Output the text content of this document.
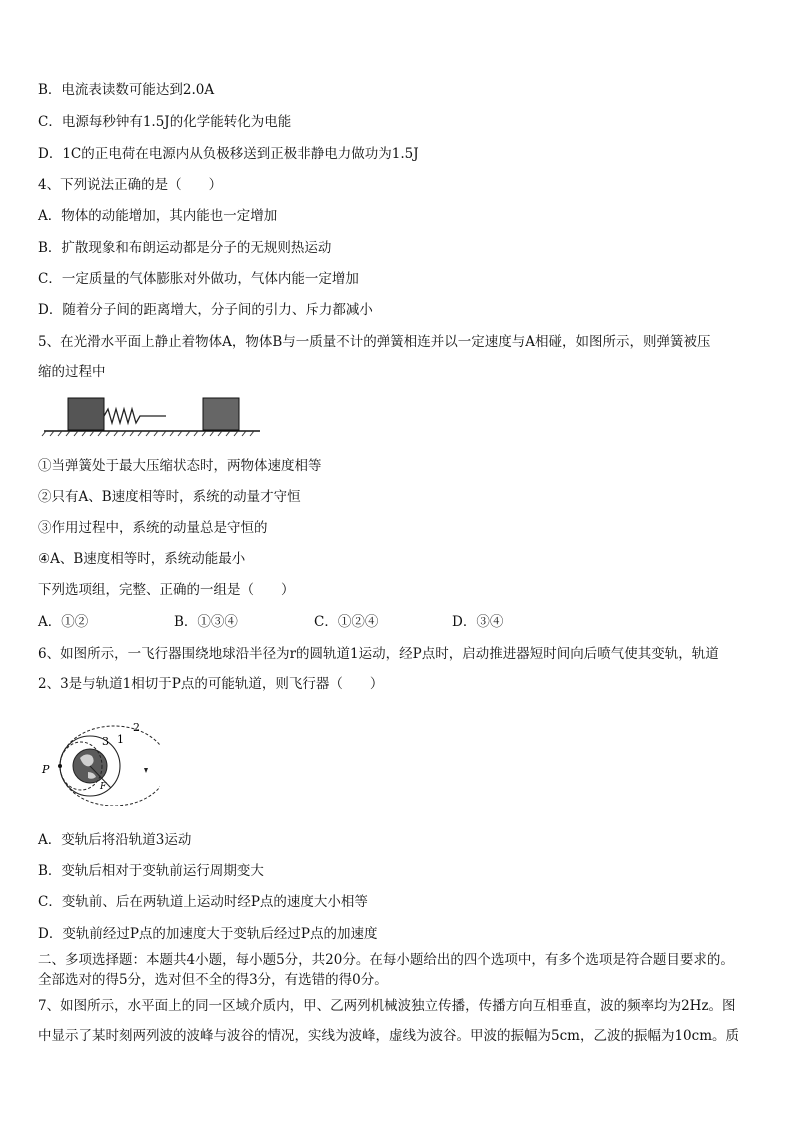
B．电流表读数可能达到2.0A
C．电源每秒钟有1.5J的化学能转化为电能
D．1C的正电荷在电源内从负极移送到正极非静电力做功为1.5J
4、下列说法正确的是（　　）
A．物体的动能增加，其内能也一定增加
B．扩散现象和布朗运动都是分子的无规则热运动
C．一定质量的气体膨胀对外做功，气体内能一定增加
D．随着分子间的距离增大，分子间的引力、斥力都减小
5、在光滑水平面上静止着物体A，物体B与一质量不计的弹簧相连并以一定速度与A相碰，如图所示，则弹簧被压
缩的过程中
①当弹簧处于最大压缩状态时，两物体速度相等
②只有A、B速度相等时，系统的动量才守恒
③作用过程中，系统的动量总是守恒的
④A、B速度相等时，系统动能最小
下列选项组，完整、正确的一组是（　　）
A．①②	B．①③④	C．①②④	D．③④
6、如图所示，一飞行器围绕地球沿半径为r的圆轨道1运动，经P点时，启动推进器短时间向后喷气使其变轨，轨道
2、3是与轨道1相切于P点的可能轨道，则飞行器（　　）
1
2
3
P
F
A．变轨后将沿轨道3运动
B．变轨后相对于变轨前运行周期变大
C．变轨前、后在两轨道上运动时经P点的速度大小相等
D．变轨前经过P点的加速度大于变轨后经过P点的加速度
二、多项选择题：本题共4小题，每小题5分，共20分。在每小题给出的四个选项中，有多个选项是符合题目要求的。
全部选对的得5分，选对但不全的得3分，有选错的得0分。
7、如图所示，水平面上的同一区域介质内，甲、乙两列机械波独立传播，传播方向互相垂直，波的频率均为2Hz。图
中显示了某时刻两列波的波峰与波谷的情况，实线为波峰，虚线为波谷。甲波的振幅为5cm，乙波的振幅为10cm。质
